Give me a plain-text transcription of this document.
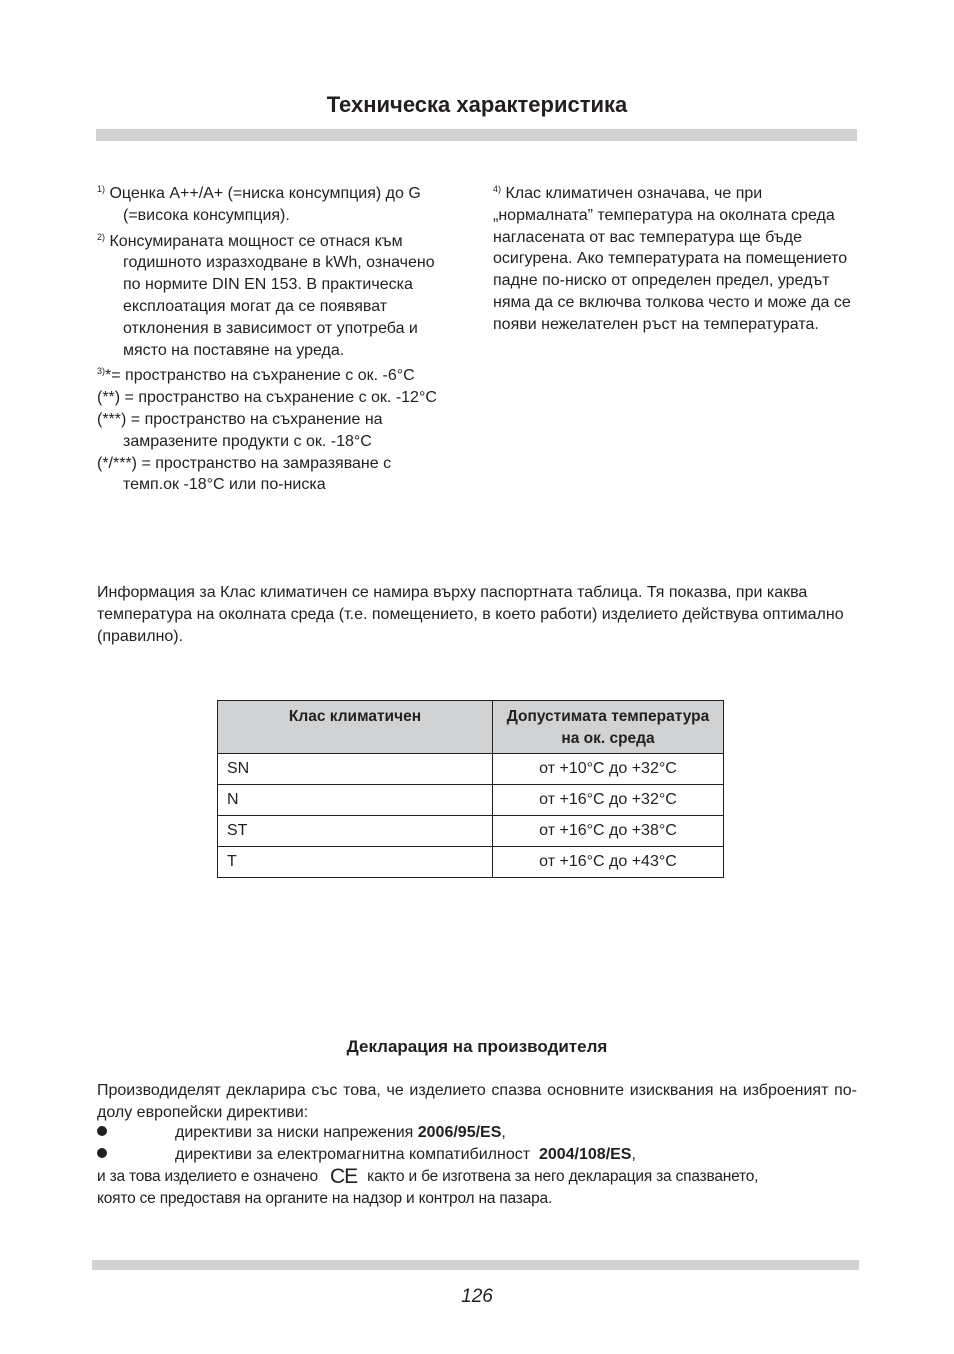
Техническа характеристика
$^{1)}$ Оценка A++/A+ (=ниска консумпция) до G (=висока консумпция).
$^{2)}$ Консумираната мощност се отнася към годишното изразходване в kWh, означено по нормите DIN EN 153. В практическа експлоатация могат да се появяват отклонения в зависимост от употреба и място на поставяне на уреда.
$^{3)}$*= пространство на съхранение с ок. -6°C
(**) = пространство на съхранение с ок. -12°C
(***) = пространство на съхранение на замразените продукти с ок. -18°C
(*/***) = пространство на замразяване с темп.ок -18°C или по-ниска
$^{4)}$ Клас климатичен означава, че при „нормалната” температура на околната среда нагласената от вас температура ще бъде осигурена. Ако температурата на помещението падне по-ниско от определен предел, уредът няма да се включва толкова често и може да се появи нежелателен ръст на температурата.
Информация за Клас климатичен се намира върху паспортната таблица. Тя показва, при каква температура на околната среда (т.е. помещението, в което работи) изделието действува оптимално (правилно).
Клас климатичен	Допустимата температура на ок. среда
SN	от +10°C до +32°C
N	от +16°C до +32°C
ST	от +16°C до +38°C
T	от +16°C до +43°C
Декларация на производителя
Производиделят декларира със това, че изделието спазва основните изисквания на изброеният по-долу европейски директиви:
директиви за ниски напрежения 2006/95/ES,
директиви за електромагнитна компатибилност 2004/108/ES,
и за това изделието е означено CE както и бе изготвена за него декларация за спазването,
която се предоставя на органите на надзор и контрол на пазара.
126
